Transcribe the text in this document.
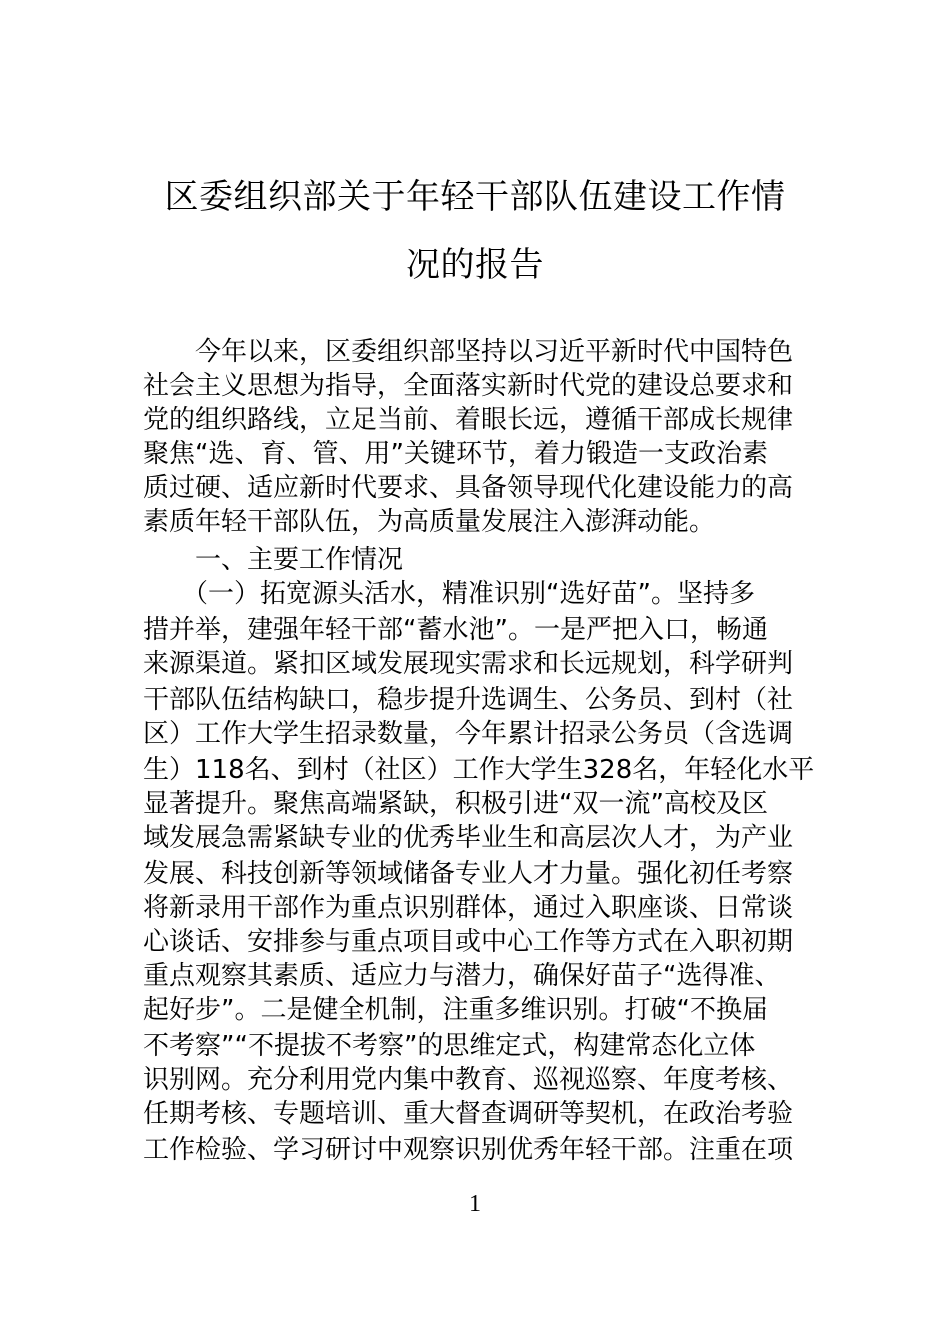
区委组织部关于年轻干部队伍建设工作情
况的报告
　　今年以来，区委组织部坚持以习近平新时代中国特色
社会主义思想为指导，全面落实新时代党的建设总要求和
党的组织路线，立足当前、着眼长远，遵循干部成长规律
聚焦“选、育、管、用”关键环节，着力锻造一支政治素
质过硬、适应新时代要求、具备领导现代化建设能力的高
素质年轻干部队伍，为高质量发展注入澎湃动能。
　　一、主要工作情况
　　（一）拓宽源头活水，精准识别“选好苗”。坚持多
措并举，建强年轻干部“蓄水池”。一是严把入口，畅通
来源渠道。紧扣区域发展现实需求和长远规划，科学研判
干部队伍结构缺口，稳步提升选调生、公务员、到村（社
区）工作大学生招录数量，今年累计招录公务员（含选调
生）118名、到村（社区）工作大学生328名，年轻化水平
显著提升。聚焦高端紧缺，积极引进“双一流”高校及区
域发展急需紧缺专业的优秀毕业生和高层次人才，为产业
发展、科技创新等领域储备专业人才力量。强化初任考察
将新录用干部作为重点识别群体，通过入职座谈、日常谈
心谈话、安排参与重点项目或中心工作等方式在入职初期
重点观察其素质、适应力与潜力，确保好苗子“选得准、
起好步”。二是健全机制，注重多维识别。打破“不换届
不考察”“不提拔不考察”的思维定式，构建常态化立体
识别网。充分利用党内集中教育、巡视巡察、年度考核、
任期考核、专题培训、重大督查调研等契机，在政治考验
工作检验、学习研讨中观察识别优秀年轻干部。注重在项
1
